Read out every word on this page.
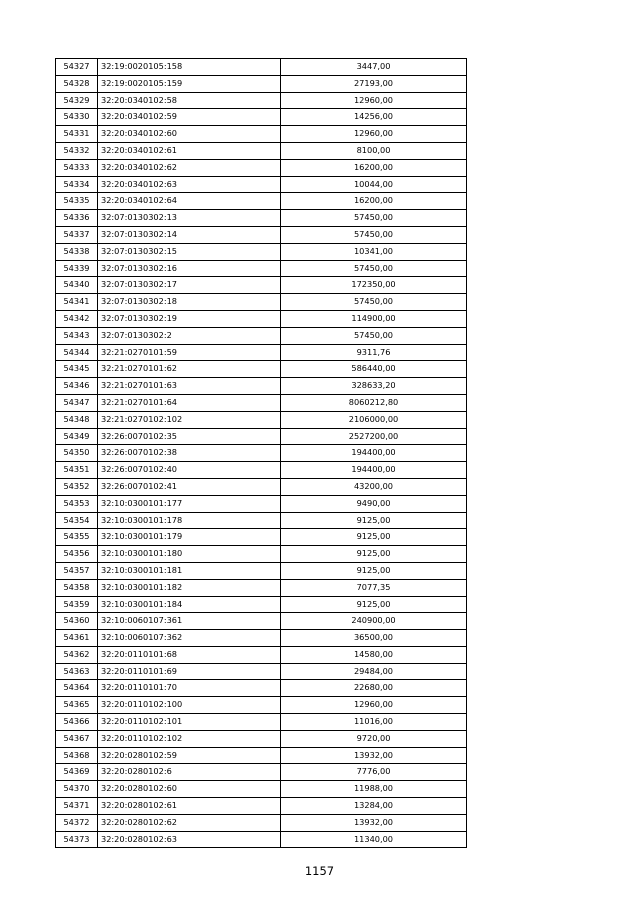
54327	32:19:0020105:158	3447,00
54328	32:19:0020105:159	27193,00
54329	32:20:0340102:58	12960,00
54330	32:20:0340102:59	14256,00
54331	32:20:0340102:60	12960,00
54332	32:20:0340102:61	8100,00
54333	32:20:0340102:62	16200,00
54334	32:20:0340102:63	10044,00
54335	32:20:0340102:64	16200,00
54336	32:07:0130302:13	57450,00
54337	32:07:0130302:14	57450,00
54338	32:07:0130302:15	10341,00
54339	32:07:0130302:16	57450,00
54340	32:07:0130302:17	172350,00
54341	32:07:0130302:18	57450,00
54342	32:07:0130302:19	114900,00
54343	32:07:0130302:2	57450,00
54344	32:21:0270101:59	9311,76
54345	32:21:0270101:62	586440,00
54346	32:21:0270101:63	328633,20
54347	32:21:0270101:64	8060212,80
54348	32:21:0270102:102	2106000,00
54349	32:26:0070102:35	2527200,00
54350	32:26:0070102:38	194400,00
54351	32:26:0070102:40	194400,00
54352	32:26:0070102:41	43200,00
54353	32:10:0300101:177	9490,00
54354	32:10:0300101:178	9125,00
54355	32:10:0300101:179	9125,00
54356	32:10:0300101:180	9125,00
54357	32:10:0300101:181	9125,00
54358	32:10:0300101:182	7077,35
54359	32:10:0300101:184	9125,00
54360	32:10:0060107:361	240900,00
54361	32:10:0060107:362	36500,00
54362	32:20:0110101:68	14580,00
54363	32:20:0110101:69	29484,00
54364	32:20:0110101:70	22680,00
54365	32:20:0110102:100	12960,00
54366	32:20:0110102:101	11016,00
54367	32:20:0110102:102	9720,00
54368	32:20:0280102:59	13932,00
54369	32:20:0280102:6	7776,00
54370	32:20:0280102:60	11988,00
54371	32:20:0280102:61	13284,00
54372	32:20:0280102:62	13932,00
54373	32:20:0280102:63	11340,00
1157
